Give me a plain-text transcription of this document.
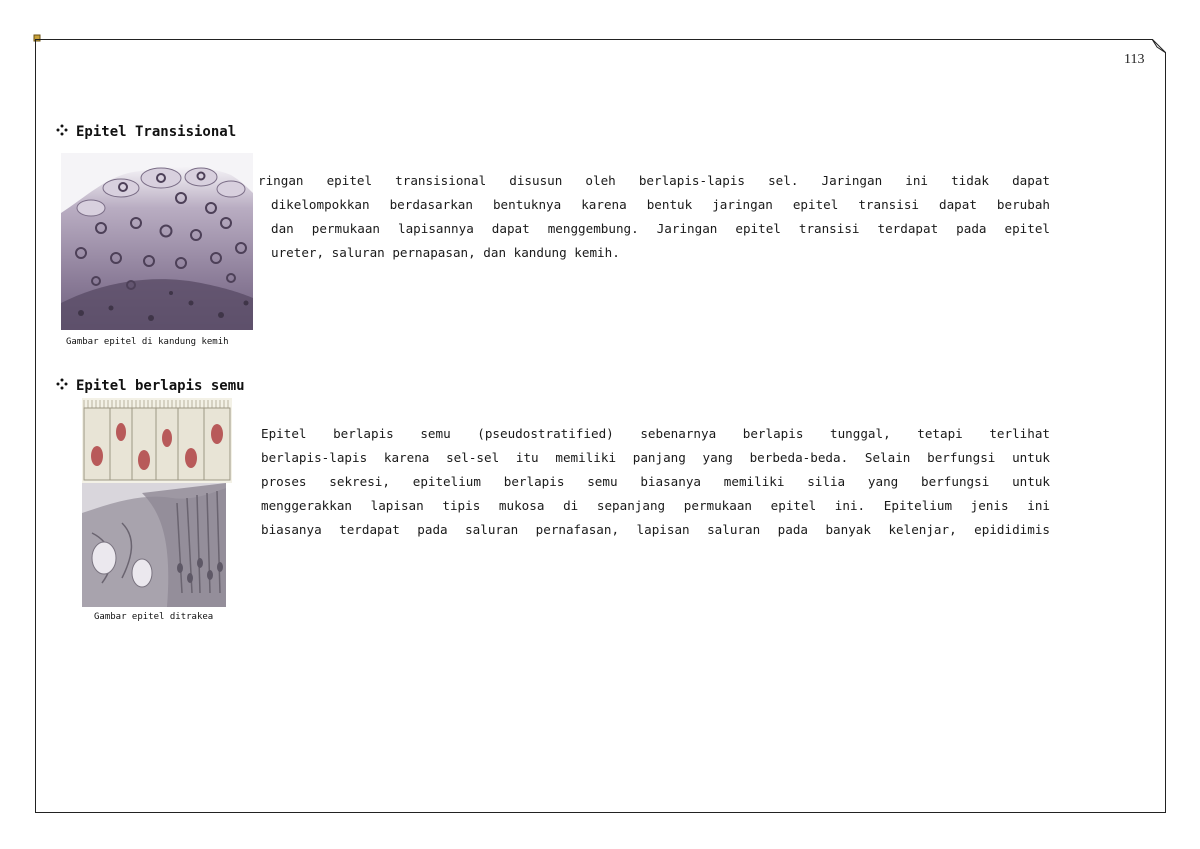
113
Epitel Transisional
Gambar epitel di kandung kemih
ringan epitel transisional disusun oleh berlapis-lapis sel. Jaringan ini tidak dapat
dikelompokkan berdasarkan bentuknya karena bentuk jaringan epitel transisi dapat berubah
dan permukaan lapisannya dapat menggembung. Jaringan epitel transisi terdapat pada epitel
ureter, saluran pernapasan, dan kandung kemih.
Epitel berlapis semu
Gambar epitel ditrakea
Epitel berlapis semu (pseudostratified) sebenarnya berlapis tunggal, tetapi terlihat
berlapis-lapis karena sel-sel itu memiliki panjang yang berbeda-beda. Selain berfungsi untuk
proses sekresi, epitelium berlapis semu biasanya memiliki silia yang berfungsi untuk
menggerakkan lapisan tipis mukosa di sepanjang permukaan epitel ini. Epitelium jenis ini
biasanya terdapat pada saluran pernafasan, lapisan saluran pada banyak kelenjar, epididimis
